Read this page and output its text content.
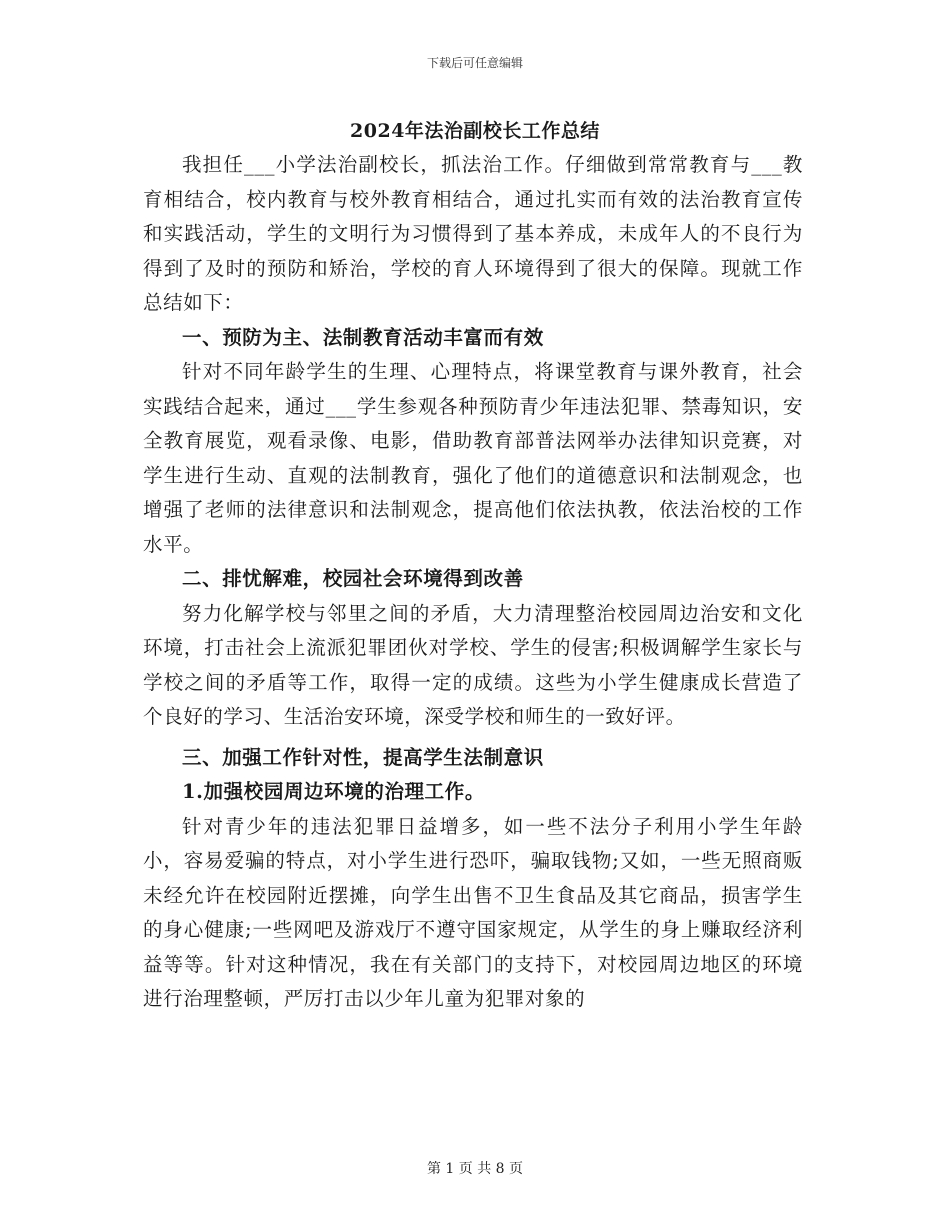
下载后可任意编辑
2024年法治副校长工作总结

我担任___小学法治副校长，抓法治工作。仔细做到常常教育与___教育相结合，校内教育与校外教育相结合，通过扎实而有效的法治教育宣传和实践活动，学生的文明行为习惯得到了基本养成，未成年人的不良行为得到了及时的预防和矫治，学校的育人环境得到了很大的保障。现就工作总结如下：

一、预防为主、法制教育活动丰富而有效

针对不同年龄学生的生理、心理特点，将课堂教育与课外教育，社会实践结合起来，通过___学生参观各种预防青少年违法犯罪、禁毒知识，安全教育展览，观看录像、电影，借助教育部普法网举办法律知识竞赛，对学生进行生动、直观的法制教育，强化了他们的道德意识和法制观念，也增强了老师的法律意识和法制观念，提高他们依法执教，依法治校的工作水平。

二、排忧解难，校园社会环境得到改善

努力化解学校与邻里之间的矛盾，大力清理整治校园周边治安和文化环境，打击社会上流派犯罪团伙对学校、学生的侵害;积极调解学生家长与学校之间的矛盾等工作，取得一定的成绩。这些为小学生健康成长营造了个良好的学习、生活治安环境，深受学校和师生的一致好评。

三、加强工作针对性，提高学生法制意识
1.加强校园周边环境的治理工作。

针对青少年的违法犯罪日益增多，如一些不法分子利用小学生年龄小，容易爱骗的特点，对小学生进行恐吓，骗取钱物;又如，一些无照商贩未经允许在校园附近摆摊，向学生出售不卫生食品及其它商品，损害学生的身心健康;一些网吧及游戏厅不遵守国家规定，从学生的身上赚取经济利益等等。针对这种情况，我在有关部门的支持下，对校园周边地区的环境进行治理整顿，严厉打击以少年儿童为犯罪对象的

第 1 页 共 8 页
